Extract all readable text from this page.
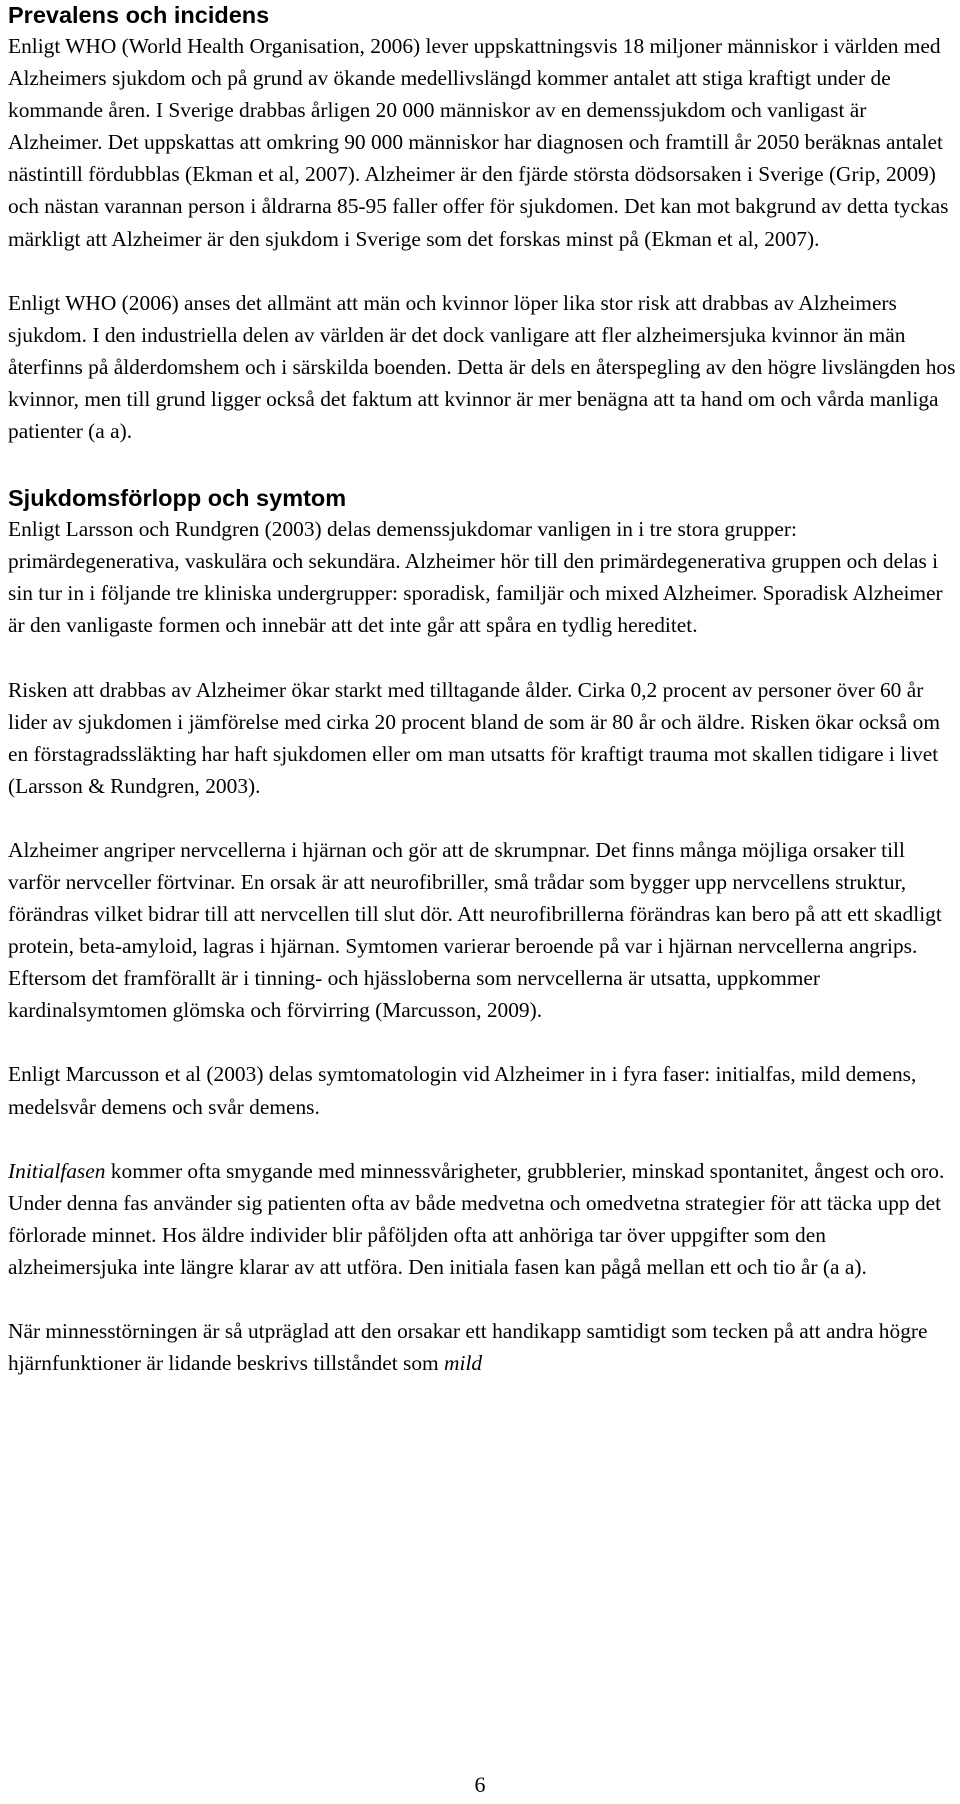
Prevalens och incidens

Enligt WHO (World Health Organisation, 2006) lever uppskattningsvis 18 miljoner människor i världen med Alzheimers sjukdom och på grund av ökande medellivslängd kommer antalet att stiga kraftigt under de kommande åren. I Sverige drabbas årligen 20 000 människor av en demenssjukdom och vanligast är Alzheimer. Det uppskattas att omkring 90 000 människor har diagnosen och framtill år 2050 beräknas antalet nästintill fördubblas (Ekman et al, 2007). Alzheimer är den fjärde största dödsorsaken i Sverige (Grip, 2009) och nästan varannan person i åldrarna 85-95 faller offer för sjukdomen. Det kan mot bakgrund av detta tyckas märkligt att Alzheimer är den sjukdom i Sverige som det forskas minst på (Ekman et al, 2007).

Enligt WHO (2006) anses det allmänt att män och kvinnor löper lika stor risk att drabbas av Alzheimers sjukdom. I den industriella delen av världen är det dock vanligare att fler alzheimersjuka kvinnor än män återfinns på ålderdomshem och i särskilda boenden. Detta är dels en återspegling av den högre livslängden hos kvinnor, men till grund ligger också det faktum att kvinnor är mer benägna att ta hand om och vårda manliga patienter (a a).

Sjukdomsförlopp och symtom

Enligt Larsson och Rundgren (2003) delas demenssjukdomar vanligen in i tre stora grupper: primärdegenerativa, vaskulära och sekundära. Alzheimer hör till den primärdegenerativa gruppen och delas i sin tur in i följande tre kliniska undergrupper: sporadisk, familjär och mixed Alzheimer. Sporadisk Alzheimer är den vanligaste formen och innebär att det inte går att spåra en tydlig hereditet.

Risken att drabbas av Alzheimer ökar starkt med tilltagande ålder. Cirka 0,2 procent av personer över 60 år lider av sjukdomen i jämförelse med cirka 20 procent bland de som är 80 år och äldre. Risken ökar också om en förstagradssläkting har haft sjukdomen eller om man utsatts för kraftigt trauma mot skallen tidigare i livet (Larsson & Rundgren, 2003).

Alzheimer angriper nervcellerna i hjärnan och gör att de skrumpnar. Det finns många möjliga orsaker till varför nervceller förtvinar. En orsak är att neurofibriller, små trådar som bygger upp nervcellens struktur, förändras vilket bidrar till att nervcellen till slut dör. Att neurofibrillerna förändras kan bero på att ett skadligt protein, beta-amyloid, lagras i hjärnan. Symtomen varierar beroende på var i hjärnan nervcellerna angrips. Eftersom det framförallt är i tinning- och hjässloberna som nervcellerna är utsatta, uppkommer kardinalsymtomen glömska och förvirring (Marcusson, 2009).

Enligt Marcusson et al (2003) delas symtomatologin vid Alzheimer in i fyra faser: initialfas, mild demens, medelsvår demens och svår demens.

Initialfasen kommer ofta smygande med minnessvårigheter, grubblerier, minskad spontanitet, ångest och oro. Under denna fas använder sig patienten ofta av både medvetna och omedvetna strategier för att täcka upp det förlorade minnet. Hos äldre individer blir påföljden ofta att anhöriga tar över uppgifter som den alzheimersjuka inte längre klarar av att utföra. Den initiala fasen kan pågå mellan ett och tio år (a a).

När minnesstörningen är så utpräglad att den orsakar ett handikapp samtidigt som tecken på att andra högre hjärnfunktioner är lidande beskrivs tillståndet som mild

6
